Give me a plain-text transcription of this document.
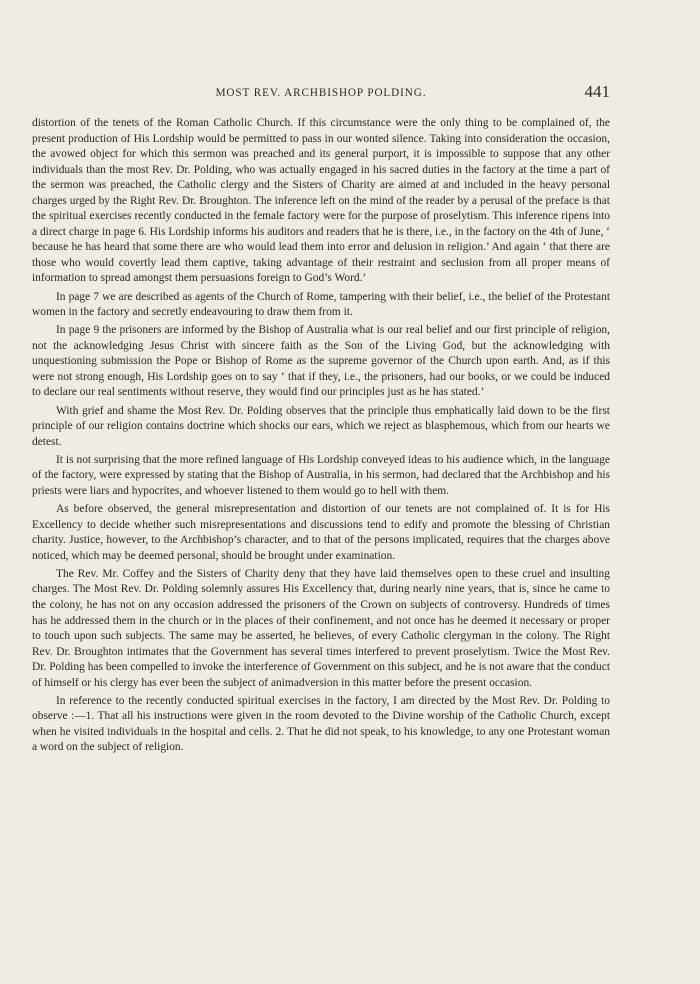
MOST REV. ARCHBISHOP POLDING.	441

distortion of the tenets of the Roman Catholic Church. If this circumstance were the only thing to be complained of, the present production of His Lordship would be permitted to pass in our wonted silence. Taking into consideration the occasion, the avowed object for which this sermon was preached and its general purport, it is impossible to suppose that any other individuals than the most Rev. Dr. Polding, who was actually engaged in his sacred duties in the factory at the time a part of the sermon was preached, the Catholic clergy and the Sisters of Charity are aimed at and included in the heavy personal charges urged by the Right Rev. Dr. Broughton. The inference left on the mind of the reader by a perusal of the preface is that the spiritual exercises recently conducted in the female factory were for the purpose of proselytism. This inference ripens into a direct charge in page 6. His Lordship informs his auditors and readers that he is there, i.e., in the factory on the 4th of June, ‘ because he has heard that some there are who would lead them into error and delusion in religion.’ And again ‘ that there are those who would covertly lead them captive, taking advantage of their restraint and seclusion from all proper means of information to spread amongst them persuasions foreign to God’s Word.’

In page 7 we are described as agents of the Church of Rome, tampering with their belief, i.e., the belief of the Protestant women in the factory and secretly endeavouring to draw them from it.

In page 9 the prisoners are informed by the Bishop of Australia what is our real belief and our first principle of religion, not the acknowledging Jesus Christ with sincere faith as the Son of the Living God, but the acknowledging with unquestioning submission the Pope or Bishop of Rome as the supreme governor of the Church upon earth. And, as if this were not strong enough, His Lordship goes on to say ‘ that if they, i.e., the prisoners, had our books, or we could be induced to declare our real sentiments without reserve, they would find our principles just as he has stated.’

With grief and shame the Most Rev. Dr. Polding observes that the principle thus emphatically laid down to be the first principle of our religion contains doctrine which shocks our ears, which we reject as blasphemous, which from our hearts we detest.

It is not surprising that the more refined language of His Lordship conveyed ideas to his audience which, in the language of the factory, were expressed by stating that the Bishop of Australia, in his sermon, had declared that the Archbishop and his priests were liars and hypocrites, and whoever listened to them would go to hell with them.

As before observed, the general misrepresentation and distortion of our tenets are not complained of. It is for His Excellency to decide whether such misrepresentations and discussions tend to edify and promote the blessing of Christian charity. Justice, however, to the Archbishop’s character, and to that of the persons implicated, requires that the charges above noticed, which may be deemed personal, should be brought under examination.

The Rev. Mr. Coffey and the Sisters of Charity deny that they have laid themselves open to these cruel and insulting charges. The Most Rev. Dr. Polding solemnly assures His Excellency that, during nearly nine years, that is, since he came to the colony, he has not on any occasion addressed the prisoners of the Crown on subjects of controversy. Hundreds of times has he addressed them in the church or in the places of their confinement, and not once has he deemed it necessary or proper to touch upon such subjects. The same may be asserted, he believes, of every Catholic clergyman in the colony. The Right Rev. Dr. Broughton intimates that the Government has several times interfered to prevent proselytism. Twice the Most Rev. Dr. Polding has been compelled to invoke the interference of Government on this subject, and he is not aware that the conduct of himself or his clergy has ever been the subject of animadversion in this matter before the present occasion.

In reference to the recently conducted spiritual exercises in the factory, I am directed by the Most Rev. Dr. Polding to observe :—1. That all his instructions were given in the room devoted to the Divine worship of the Catholic Church, except when he visited individuals in the hospital and cells. 2. That he did not speak, to his knowledge, to any one Protestant woman a word on the subject of religion.
